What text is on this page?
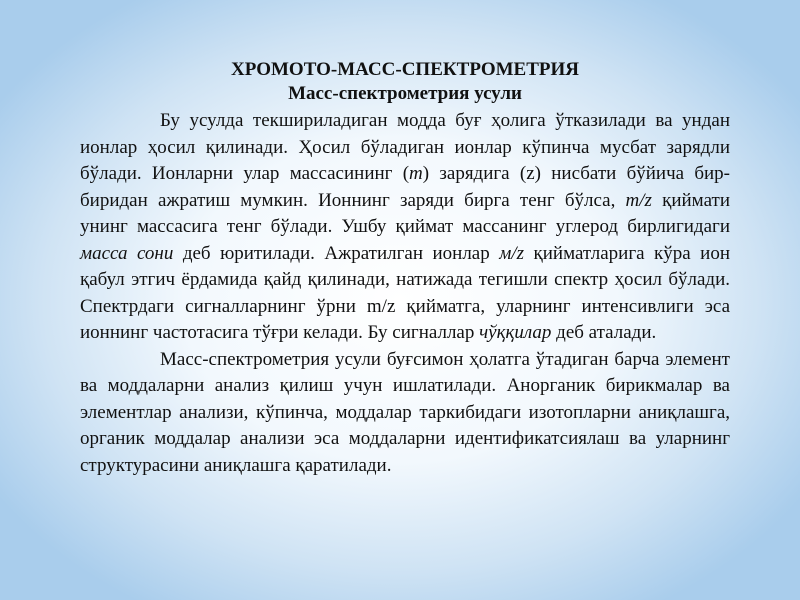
ХРОМОТО-МАСС-СПЕКТРОМЕТРИЯ
Масс-спектрометрия усули

Бу усулда текшириладиган модда буғ ҳолига ўтказилади ва ундан ионлар ҳосил қилинади. Ҳосил бўладиган ионлар кўпинча мусбат зарядли бўлади. Ионларни улар массасининг (m) зарядига (z) нисбати бўйича бир-биридан ажратиш мумкин. Ионнинг заряди бирга тенг бўлса, m/z қиймати унинг массасига тенг бўлади. Ушбу қиймат массанинг углерод бирлигидаги масса сони деб юритилади. Ажратилган ионлар м/z қийматларига кўра ион қабул этгич ёрдамида қайд қилинади, натижада тегишли спектр ҳосил бўлади. Спектрдаги сигналларнинг ўрни m/z қийматга, уларнинг интенсивлиги эса ионнинг частотасига тўғри келади. Бу сигналлар чўққилар деб аталади.

Масс-спектрометрия усули буғсимон ҳолатга ўтадиган барча элемент ва моддаларни анализ қилиш учун ишлатилади. Анорганик бирикмалар ва элементлар анализи, кўпинча, моддалар таркибидаги изотопларни аниқлашга, органик моддалар анализи эса моддаларни идентификатсиялаш ва уларнинг структурасини аниқлашга қаратилади.
